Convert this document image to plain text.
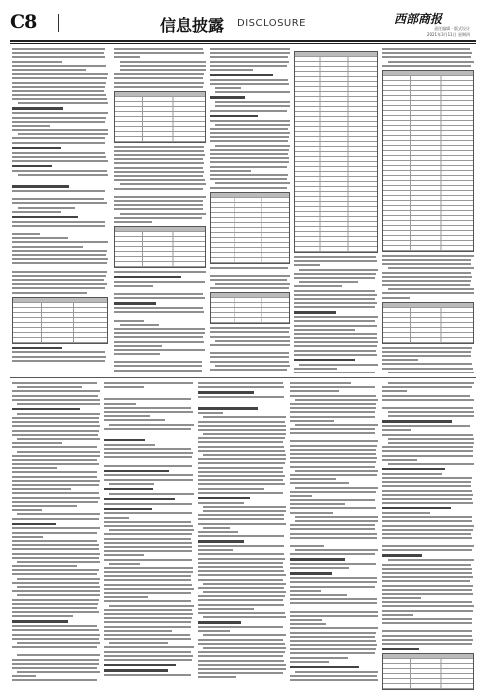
C8	信息披露 DISCLOSURE	西部商报
责任编辑 · 版式设计
2021年3月11日 星期四
